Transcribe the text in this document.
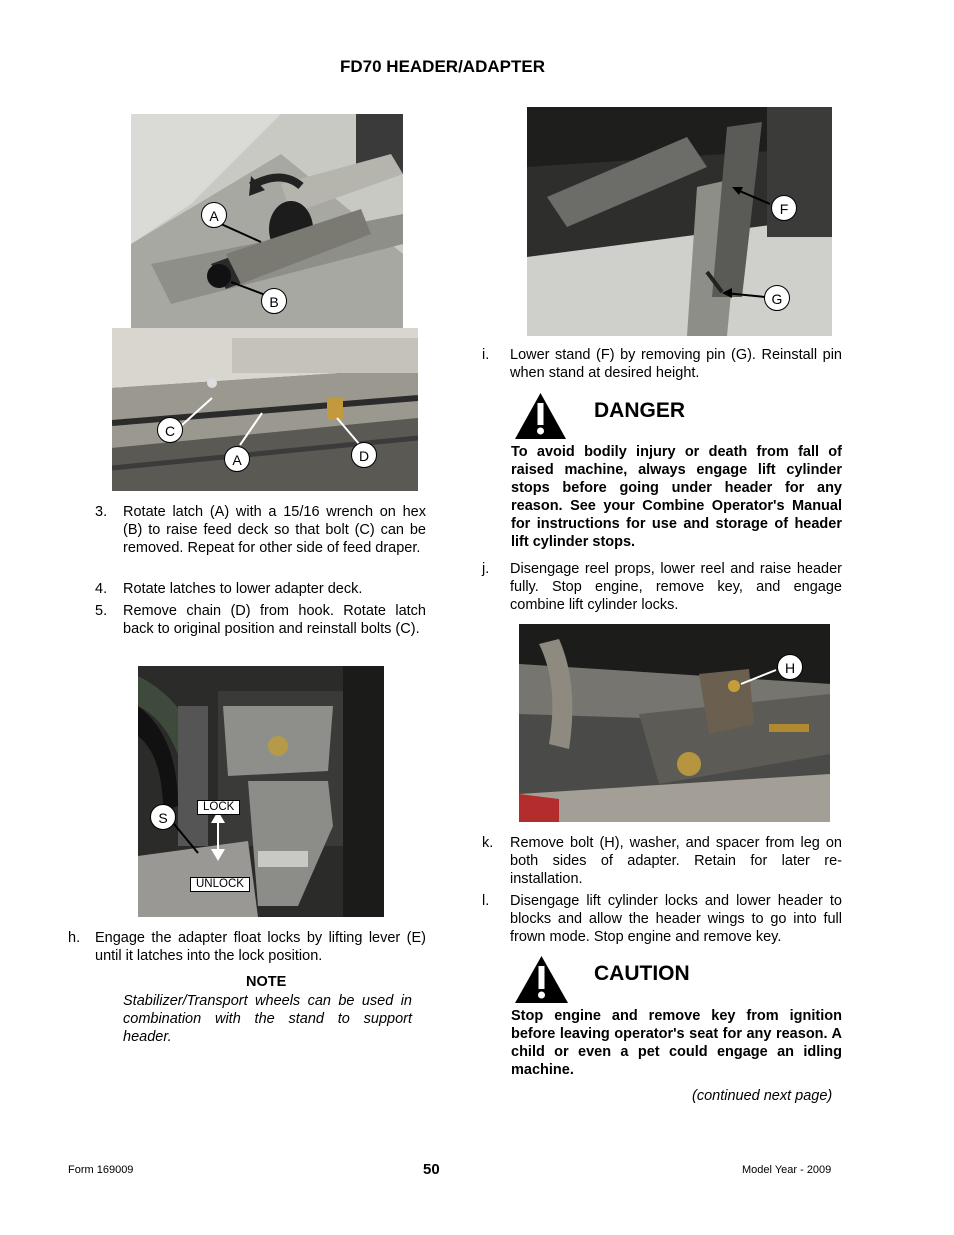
FD70 HEADER/ADAPTER
A
B
C
A	D
3. Rotate latch (A) with a 15/16 wrench on hex (B) to raise feed deck so that bolt (C) can be removed. Repeat for other side of feed draper.
4. Rotate latches to lower adapter deck.
5. Remove chain (D) from hook. Rotate latch back to original position and reinstall bolts (C).
S
LOCK
UNLOCK
h. Engage the adapter float locks by lifting lever (E) until it latches into the lock position.
NOTE
Stabilizer/Transport wheels can be used in combination with the stand to support header.
F
G
i. Lower stand (F) by removing pin (G). Reinstall pin when stand at desired height.
DANGER
To avoid bodily injury or death from fall of raised machine, always engage lift cylinder stops before going under header for any reason. See your Combine Operator's Manual for instructions for use and storage of header lift cylinder stops.
j. Disengage reel props, lower reel and raise header fully. Stop engine, remove key, and engage combine lift cylinder locks.
H
k. Remove bolt (H), washer, and spacer from leg on both sides of adapter. Retain for later re-installation.
l. Disengage lift cylinder locks and lower header to blocks and allow the header wings to go into full frown mode. Stop engine and remove key.
CAUTION
Stop engine and remove key from ignition before leaving operator's seat for any reason. A child or even a pet could engage an idling machine.
(continued next page)
Form 169009	50	Model Year - 2009
